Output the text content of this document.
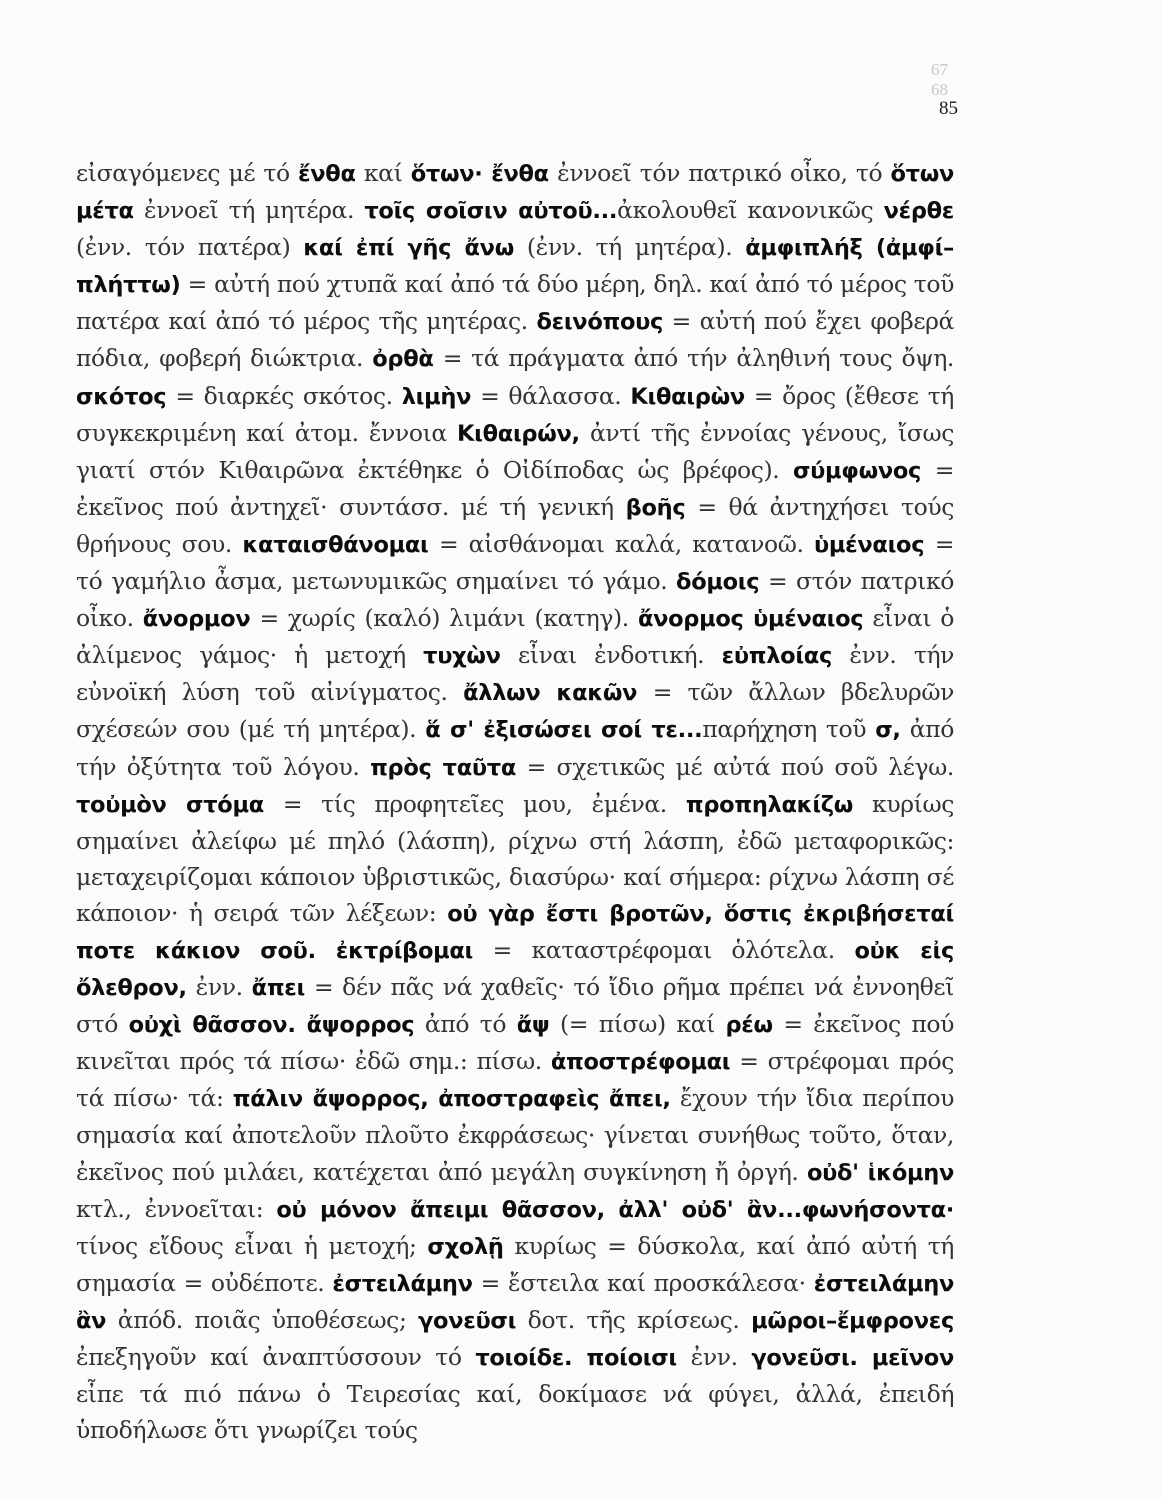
67
68
85
εἰσαγόμενες μέ τό ἔνθα καί ὅτων· ἔνθα ἐννοεῖ τόν πατρικό οἶκο, τό ὅτων μέτα ἐννοεῖ τή μητέρα. τοῖς σοῖσιν αὐτοῦ...ἀκολουθεῖ κανονικῶς νέρθε (ἐνν. τόν πατέρα) καί ἐπί γῆς ἄνω (ἐνν. τή μητέρα). ἀμφιπλήξ (ἀμφί–πλήττω) = αὐτή πού χτυπᾶ καί ἀπό τά δύο μέρη, δηλ. καί ἀπό τό μέρος τοῦ πατέρα καί ἀπό τό μέρος τῆς μητέρας. δεινόπους = αὐτή πού ἔχει φοβερά πόδια, φοβερή διώκτρια. ὀρθὰ = τά πράγματα ἀπό τήν ἀληθινή τους ὄψη. σκότος = διαρκές σκότος. λιμὴν = θάλασσα. Κιθαιρὼν = ὄρος (ἔθεσε τή συγκεκριμένη καί ἀτομ. ἔννοια Κιθαιρών, ἀντί τῆς ἐννοίας γένους, ἴσως γιατί στόν Κιθαιρῶνα ἐκτέθηκε ὁ Οἰδίποδας ὡς βρέφος). σύμφωνος = ἐκεῖνος πού ἀντηχεῖ· συντάσσ. μέ τή γενική βοῆς = θά ἀντηχήσει τούς θρήνους σου. καταισθάνομαι = αἰσθάνομαι καλά, κατανοῶ. ὑμέναιος = τό γαμήλιο ἆσμα, μετωνυμικῶς σημαίνει τό γάμο. δόμοις = στόν πατρικό οἶκο. ἄνορμον = χωρίς (καλό) λιμάνι (κατηγ). ἄνορμος ὑμέναιος εἶναι ὁ ἀλίμενος γάμος· ἡ μετοχή τυχὼν εἶναι ἐνδοτική. εὐπλοίας ἐνν. τήν εὐνοϊκή λύση τοῦ αἰνίγματος. ἄλλων κακῶν = τῶν ἄλλων βδελυρῶν σχέσεών σου (μέ τή μητέρα). ἅ σ' ἐξισώσει σοί τε...παρήχηση τοῦ σ, ἀπό τήν ὀξύτητα τοῦ λόγου. πρὸς ταῦτα = σχετικῶς μέ αὐτά πού σοῦ λέγω. τοὐμὸν στόμα = τίς προφητεῖες μου, ἐμένα. προπηλακίζω κυρίως σημαίνει ἀλείφω μέ πηλό (λάσπη), ρίχνω στή λάσπη, ἐδῶ μεταφορικῶς: μεταχειρίζομαι κάποιον ὑβριστικῶς, διασύρω· καί σήμερα: ρίχνω λάσπη σέ κάποιον· ἡ σειρά τῶν λέξεων: οὐ γὰρ ἔστι βροτῶν, ὅστις ἐκριβήσεταί ποτε κάκιον σοῦ. ἐκτρίβομαι = καταστρέφομαι ὁλότελα. οὐκ εἰς ὄλεθρον, ἐνν. ἄπει = δέν πᾶς νά χαθεῖς· τό ἴδιο ρῆμα πρέπει νά ἐννοηθεῖ στό οὐχὶ θᾶσσον. ἄψορρος ἀπό τό ἄψ (= πίσω) καί ρέω = ἐκεῖνος πού κινεῖται πρός τά πίσω· ἐδῶ σημ.: πίσω. ἀποστρέφομαι = στρέφομαι πρός τά πίσω· τά: πάλιν ἄψορρος, ἀποστραφεὶς ἄπει, ἔχουν τήν ἴδια περίπου σημασία καί ἀποτελοῦν πλοῦτο ἐκφράσεως· γίνεται συνήθως τοῦτο, ὅταν, ἐκεῖνος πού μιλάει, κατέχεται ἀπό μεγάλη συγκίνηση ἤ ὀργή. οὐδ' ἱκόμην κτλ., ἐννοεῖται: οὐ μόνον ἄπειμι θᾶσσον, ἀλλ' οὐδ' ἂν...φωνήσοντα· τίνος εἴδους εἶναι ἡ μετοχή; σχολῇ κυρίως = δύσκολα, καί ἀπό αὐτή τή σημασία = οὐδέποτε. ἐστειλάμην = ἔστειλα καί προσκάλεσα· ἐστειλάμην ἂν ἀπόδ. ποιᾶς ὑποθέσεως; γονεῦσι δοτ. τῆς κρίσεως. μῶροι–ἔμφρονες ἐπεξηγοῦν καί ἀναπτύσσουν τό τοιοίδε. ποίοισι ἐνν. γονεῦσι. μεῖνον εἶπε τά πιό πάνω ὁ Τειρεσίας καί, δοκίμασε νά φύγει, ἀλλά, ἐπειδή ὑποδήλωσε ὅτι γνωρίζει τούς
